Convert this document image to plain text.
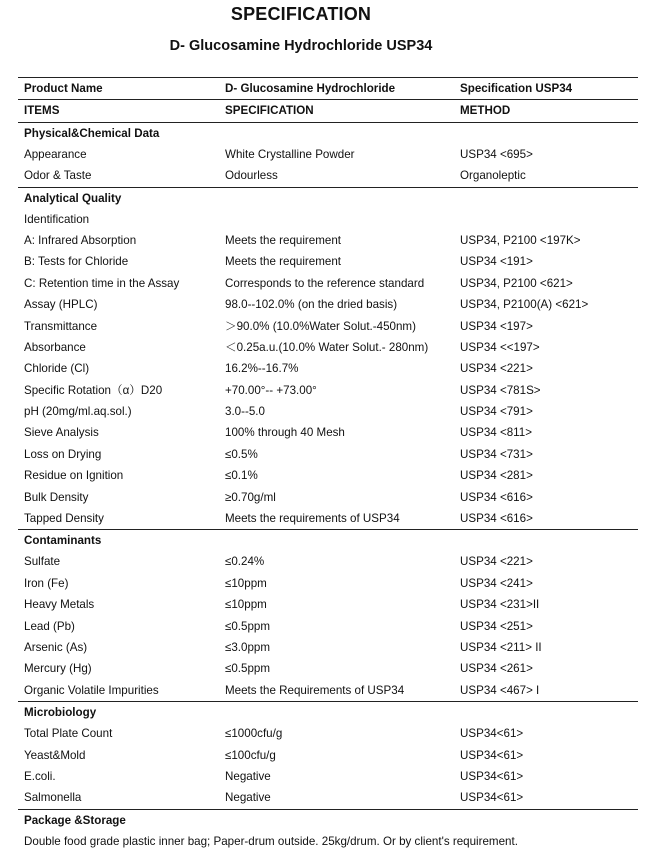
SPECIFICATION
D- Glucosamine Hydrochloride USP34
Product Name	D- Glucosamine Hydrochloride	Specification USP34
ITEMS	SPECIFICATION	METHOD
Physical&Chemical Data
Appearance	White Crystalline Powder	USP34 <695>
Odor & Taste	Odourless	Organoleptic
Analytical Quality
Identification
A: Infrared Absorption	Meets the requirement	USP34, P2100 <197K>
B: Tests for Chloride	Meets the requirement	USP34 <191>
C: Retention time in the Assay	Corresponds to the reference standard	USP34, P2100 <621>
Assay (HPLC)	98.0--102.0% (on the dried basis)	USP34, P2100(A) <621>
Transmittance	＞90.0% (10.0%Water Solut.-450nm)	USP34 <197>
Absorbance	＜0.25a.u.(10.0% Water Solut.- 280nm)	USP34 <<197>
Chloride (Cl)	16.2%--16.7%	USP34 <221>
Specific Rotation（α）D20	+70.00°-- +73.00°	USP34 <781S>
pH (20mg/ml.aq.sol.)	3.0--5.0	USP34 <791>
Sieve Analysis	100% through 40 Mesh	USP34 <811>
Loss on Drying	≤0.5%	USP34 <731>
Residue on Ignition	≤0.1%	USP34 <281>
Bulk Density	≥0.70g/ml	USP34 <616>
Tapped Density	Meets the requirements of USP34	USP34 <616>
Contaminants
Sulfate	≤0.24%	USP34 <221>
Iron (Fe)	≤10ppm	USP34 <241>
Heavy Metals	≤10ppm	USP34 <231>II
Lead (Pb)	≤0.5ppm	USP34 <251>
Arsenic (As)	≤3.0ppm	USP34 <211> II
Mercury (Hg)	≤0.5ppm	USP34 <261>
Organic Volatile Impurities	Meets the Requirements of USP34	USP34 <467> I
Microbiology
Total Plate Count	≤1000cfu/g	USP34<61>
Yeast&Mold	≤100cfu/g	USP34<61>
E.coli.	Negative	USP34<61>
Salmonella	Negative	USP34<61>
Package &Storage
Double food grade plastic inner bag; Paper-drum outside. 25kg/drum. Or by client's requirement.
